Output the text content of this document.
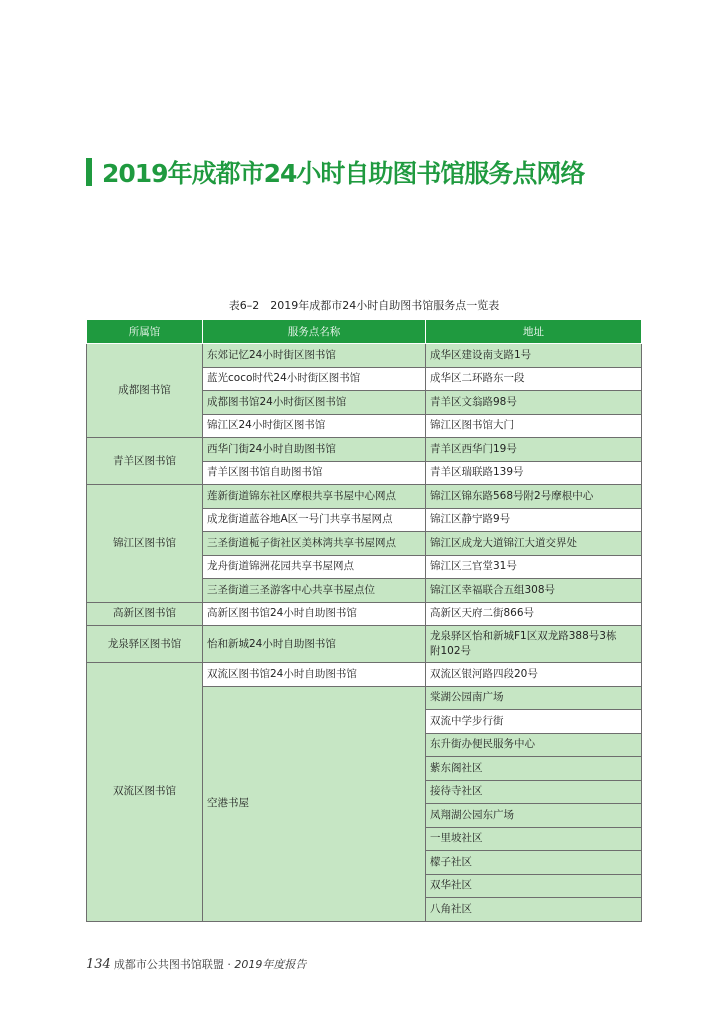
2019年成都市24小时自助图书馆服务点网络
表6–2　2019年成都市24小时自助图书馆服务点一览表
所属馆	服务点名称	地址
成都图书馆	东郊记忆24小时街区图书馆	成华区建设南支路1号
	蓝光coco时代24小时街区图书馆	成华区二环路东一段
	成都图书馆24小时街区图书馆	青羊区文翁路98号
	锦江区24小时街区图书馆	锦江区图书馆大门
青羊区图书馆	西华门街24小时自助图书馆	青羊区西华门19号
	青羊区图书馆自助图书馆	青羊区瑞联路139号
锦江区图书馆	莲新街道锦东社区摩根共享书屋中心网点	锦江区锦东路568号附2号摩根中心
	成龙街道蓝谷地A区一号门共享书屋网点	锦江区静宁路9号
	三圣街道栀子街社区美林湾共享书屋网点	锦江区成龙大道锦江大道交界处
	龙舟街道锦洲花园共享书屋网点	锦江区三官堂31号
	三圣街道三圣游客中心共享书屋点位	锦江区幸福联合五组308号
高新区图书馆	高新区图书馆24小时自助图书馆	高新区天府二街866号
龙泉驿区图书馆	怡和新城24小时自助图书馆	龙泉驿区怡和新城F1区双龙路388号3栋
附102号
双流区图书馆	双流区图书馆24小时自助图书馆	双流区银河路四段20号
	空港书屋	棠湖公园南广场
		双流中学步行街
		东升街办便民服务中心
		紫东阁社区
		接待寺社区
		凤翔湖公园东广场
		一里坡社区
		檬子社区
		双华社区
		八角社区
134 成都市公共图书馆联盟 · 2019年度报告
